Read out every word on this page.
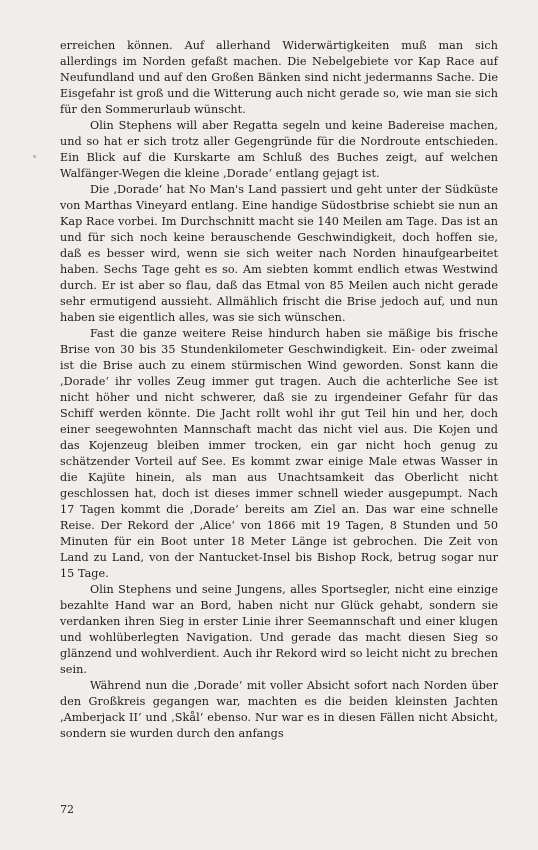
erreichen können. Auf allerhand Widerwärtigkeiten muß man sich allerdings im Norden gefaßt machen. Die Nebelgebiete vor Kap Race auf Neufundland und auf den Großen Bänken sind nicht jedermanns Sache. Die Eisgefahr ist groß und die Witterung auch nicht gerade so, wie man sie sich für den Sommerurlaub wünscht.

Olin Stephens will aber Regatta segeln und keine Badereise machen, und so hat er sich trotz aller Gegengründe für die Nordroute entschieden. Ein Blick auf die Kurskarte am Schluß des Buches zeigt, auf welchen Walfänger-Wegen die kleine ‚Dorade‘ entlang gejagt ist.

Die ‚Dorade‘ hat No Man's Land passiert und geht unter der Südküste von Marthas Vineyard entlang. Eine handige Südostbrise schiebt sie nun an Kap Race vorbei. Im Durchschnitt macht sie 140 Meilen am Tage. Das ist an und für sich noch keine berauschende Geschwindigkeit, doch hoffen sie, daß es besser wird, wenn sie sich weiter nach Norden hinaufgearbeitet haben. Sechs Tage geht es so. Am siebten kommt endlich etwas Westwind durch. Er ist aber so flau, daß das Etmal von 85 Meilen auch nicht gerade sehr ermutigend aussieht. Allmählich frischt die Brise jedoch auf, und nun haben sie eigentlich alles, was sie sich wünschen.

Fast die ganze weitere Reise hindurch haben sie mäßige bis frische Brise von 30 bis 35 Stundenkilometer Geschwindigkeit. Ein- oder zweimal ist die Brise auch zu einem stürmischen Wind geworden. Sonst kann die ‚Dorade‘ ihr volles Zeug immer gut tragen. Auch die achterliche See ist nicht höher und nicht schwerer, daß sie zu irgendeiner Gefahr für das Schiff werden könnte. Die Jacht rollt wohl ihr gut Teil hin und her, doch einer seegewohnten Mannschaft macht das nicht viel aus. Die Kojen und das Kojenzeug bleiben immer trocken, ein gar nicht hoch genug zu schätzender Vorteil auf See. Es kommt zwar einige Male etwas Wasser in die Kajüte hinein, als man aus Unachtsamkeit das Oberlicht nicht geschlossen hat, doch ist dieses immer schnell wieder ausgepumpt. Nach 17 Tagen kommt die ‚Dorade‘ bereits am Ziel an. Das war eine schnelle Reise. Der Rekord der ‚Alice‘ von 1866 mit 19 Tagen, 8 Stunden und 50 Minuten für ein Boot unter 18 Meter Länge ist gebrochen. Die Zeit von Land zu Land, von der Nantucket-Insel bis Bishop Rock, betrug sogar nur 15 Tage.

Olin Stephens und seine Jungens, alles Sportsegler, nicht eine einzige bezahlte Hand war an Bord, haben nicht nur Glück gehabt, sondern sie verdanken ihren Sieg in erster Linie ihrer Seemannschaft und einer klugen und wohlüberlegten Navigation. Und gerade das macht diesen Sieg so glänzend und wohlverdient. Auch ihr Rekord wird so leicht nicht zu brechen sein.

Während nun die ‚Dorade‘ mit voller Absicht sofort nach Norden über den Großkreis gegangen war, machten es die beiden kleinsten Jachten ‚Amberjack II‘ und ‚Skål‘ ebenso. Nur war es in diesen Fällen nicht Absicht, sondern sie wurden durch den anfangs

72
